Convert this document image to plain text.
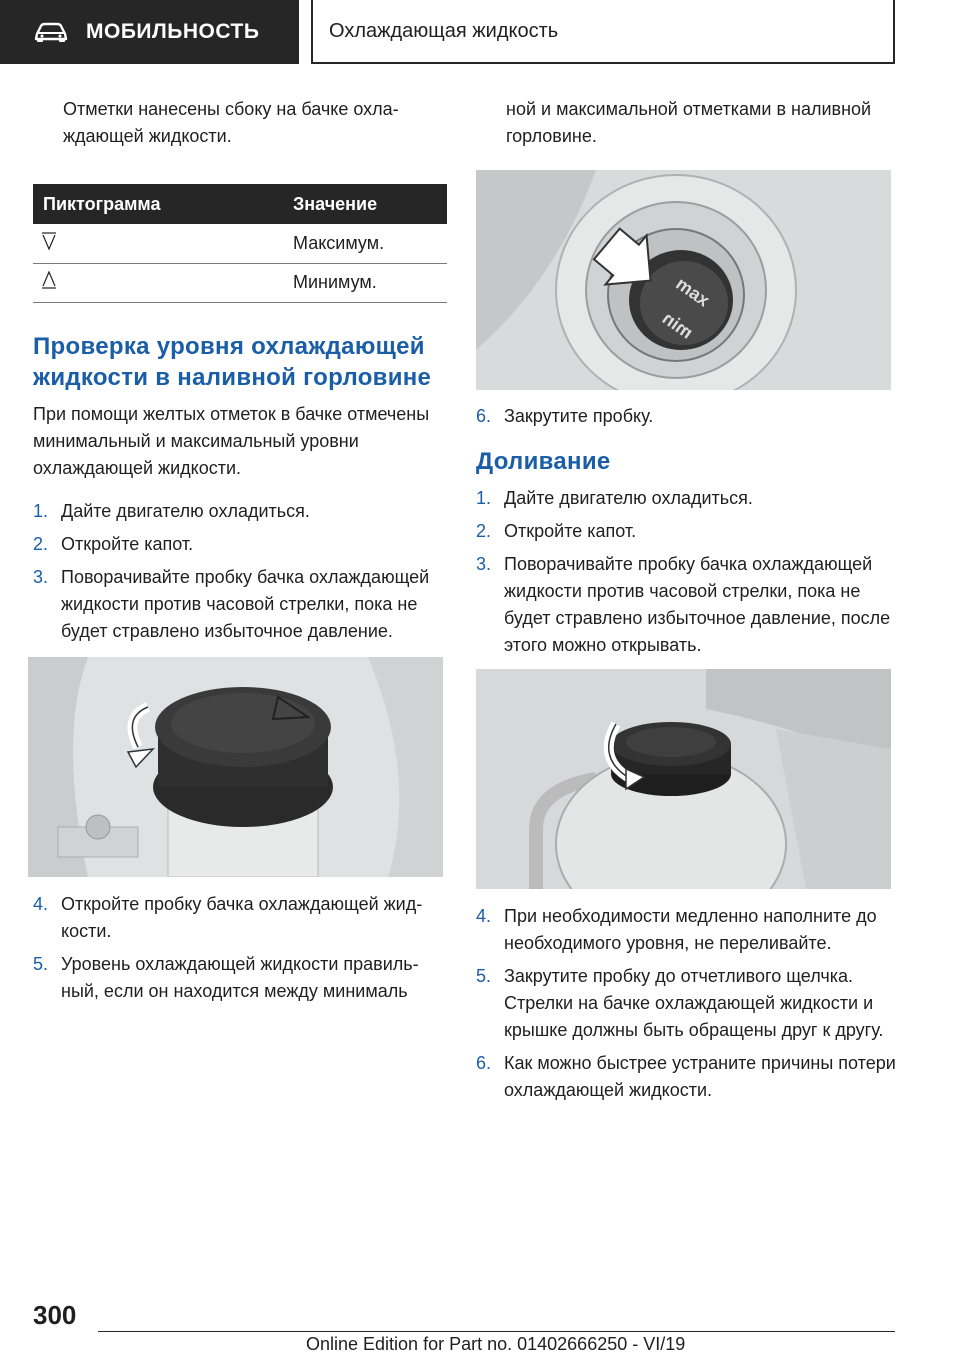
МОБИЛЬНОСТЬ	Охлаждающая жидкость

Отметки нанесены сбоку на бачке охлаждающей жидкости.

Пиктограмма	Значение
	Максимум.
	Минимум.
Проверка уровня охлаждающей жидкости в наливной горловине

При помощи желтых отметок в бачке отмечены минимальный и максимальный уровни охлаждающей жидкости.

1. Дайте двигателю охладиться.
2. Откройте капот.
3. Поворачивайте пробку бачка охлаждающей жидкости против часовой стрелки, пока не будет стравлено избыточное давление.
4. Откройте пробку бачка охлаждающей жидкости.
5. Уровень охлаждающей жидкости правильный, если он находится между минималь

ной и максимальной отметками в наливной горловине.

max
min
6. Закрутите пробку.
Доливание
1. Дайте двигателю охладиться.
2. Откройте капот.
3. Поворачивайте пробку бачка охлаждающей жидкости против часовой стрелки, пока не будет стравлено избыточное давление, после этого можно открывать.
4. При необходимости медленно наполните до необходимого уровня, не переливайте.
5. Закрутите пробку до отчетливого щелчка. Стрелки на бачке охлаждающей жидкости и крышке должны быть обращены друг к другу.
6. Как можно быстрее устраните причины потери охлаждающей жидкости.
300
Online Edition for Part no. 01402666250 - VI/19
